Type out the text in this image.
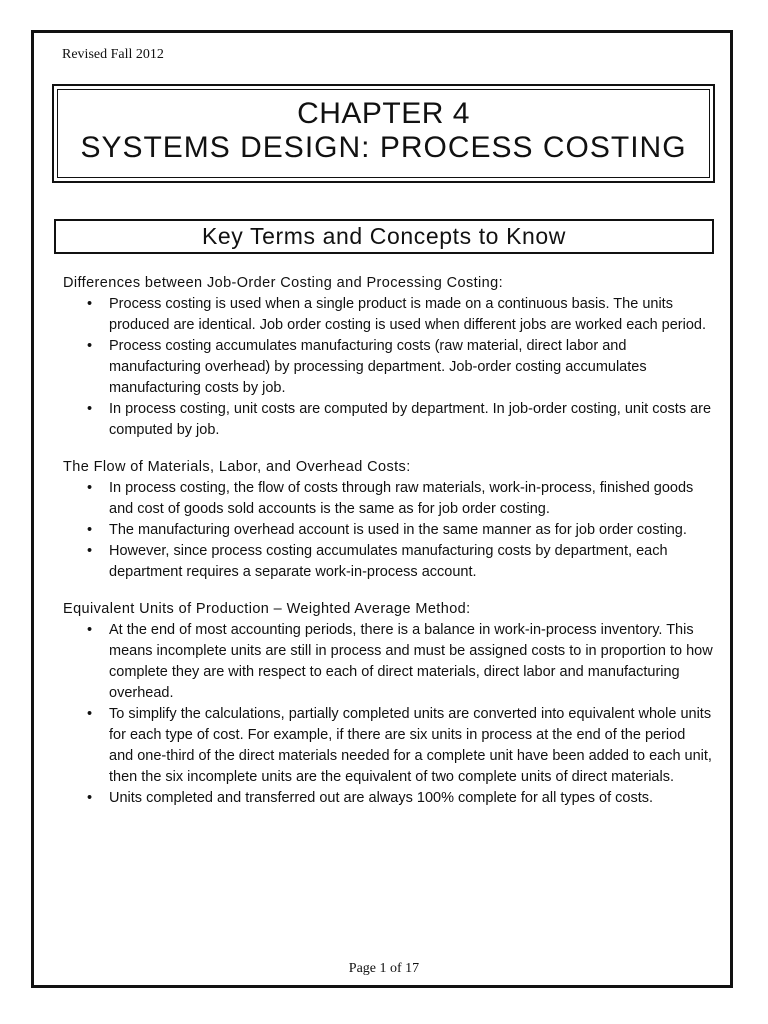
Revised Fall 2012
CHAPTER 4
SYSTEMS DESIGN: PROCESS COSTING
Key Terms and Concepts to Know
Differences between Job-Order Costing and Processing Costing:
• Process costing is used when a single product is made on a continuous basis. The units produced are identical. Job order costing is used when different jobs are worked each period.
• Process costing accumulates manufacturing costs (raw material, direct labor and manufacturing overhead) by processing department. Job-order costing accumulates manufacturing costs by job.
• In process costing, unit costs are computed by department. In job-order costing, unit costs are computed by job.
The Flow of Materials, Labor, and Overhead Costs:
• In process costing, the flow of costs through raw materials, work-in-process, finished goods and cost of goods sold accounts is the same as for job order costing.
• The manufacturing overhead account is used in the same manner as for job order costing.
• However, since process costing accumulates manufacturing costs by department, each department requires a separate work-in-process account.
Equivalent Units of Production – Weighted Average Method:
• At the end of most accounting periods, there is a balance in work-in-process inventory. This means incomplete units are still in process and must be assigned costs to in proportion to how complete they are with respect to each of direct materials, direct labor and manufacturing overhead.
• To simplify the calculations, partially completed units are converted into equivalent whole units for each type of cost. For example, if there are six units in process at the end of the period and one-third of the direct materials needed for a complete unit have been added to each unit, then the six incomplete units are the equivalent of two complete units of direct materials.
• Units completed and transferred out are always 100% complete for all types of costs.
Page 1 of 17
